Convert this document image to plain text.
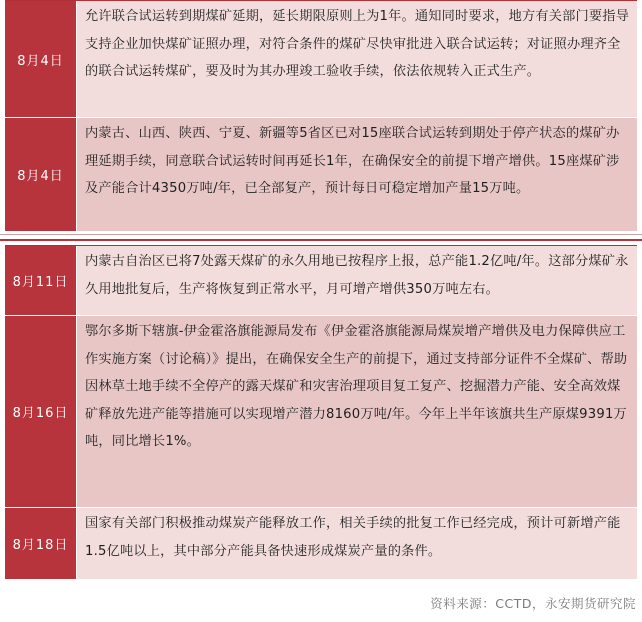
8月4日
允许联合试运转到期煤矿延期，延长期限原则上为1年。通知同时要求，地方有关部门要指导支持企业加快煤矿证照办理，对符合条件的煤矿尽快审批进入联合试运转；对证照办理齐全的联合试运转煤矿，要及时为其办理竣工验收手续，依法依规转入正式生产。
8月4日
内蒙古、山西、陕西、宁夏、新疆等5省区已对15座联合试运转到期处于停产状态的煤矿办理延期手续，同意联合试运转时间再延长1年，在确保安全的前提下增产增供。15座煤矿涉及产能合计4350万吨/年，已全部复产，预计每日可稳定增加产量15万吨。
8月11日
内蒙古自治区已将7处露天煤矿的永久用地已按程序上报，总产能1.2亿吨/年。这部分煤矿永久用地批复后，生产将恢复到正常水平，月可增产增供350万吨左右。
8月16日
鄂尔多斯下辖旗-伊金霍洛旗能源局发布《伊金霍洛旗能源局煤炭增产增供及电力保障供应工作实施方案（讨论稿）》提出，在确保安全生产的前提下，通过支持部分证件不全煤矿、帮助因林草土地手续不全停产的露天煤矿和灾害治理项目复工复产、挖掘潜力产能、安全高效煤矿释放先进产能等措施可以实现增产潜力8160万吨/年。今年上半年该旗共生产原煤9391万吨，同比增长1%。
8月18日
国家有关部门积极推动煤炭产能释放工作，相关手续的批复工作已经完成，预计可新增产能1.5亿吨以上，其中部分产能具备快速形成煤炭产量的条件。
资料来源：CCTD，永安期货研究院
